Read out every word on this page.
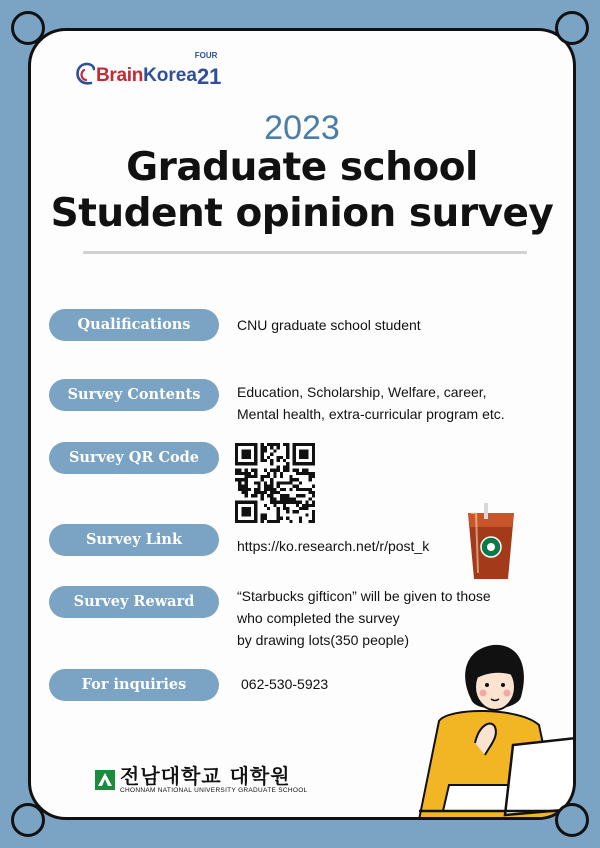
Brain Korea 21
FOUR
2023
Graduate school
Student opinion survey
Qualifications	CNU graduate school student
Survey Contents	Education, Scholarship, Welfare, career,
Mental health, extra-curricular program etc.
Survey QR Code
Survey Link	https://ko.research.net/r/post_k
Survey Reward	“Starbucks gifticon” will be given to those
who completed the survey
by drawing lots(350 people)
For inquiries	062-530-5923
전남대학교 대학원
CHONNAM NATIONAL UNIVERSITY GRADUATE SCHOOL
